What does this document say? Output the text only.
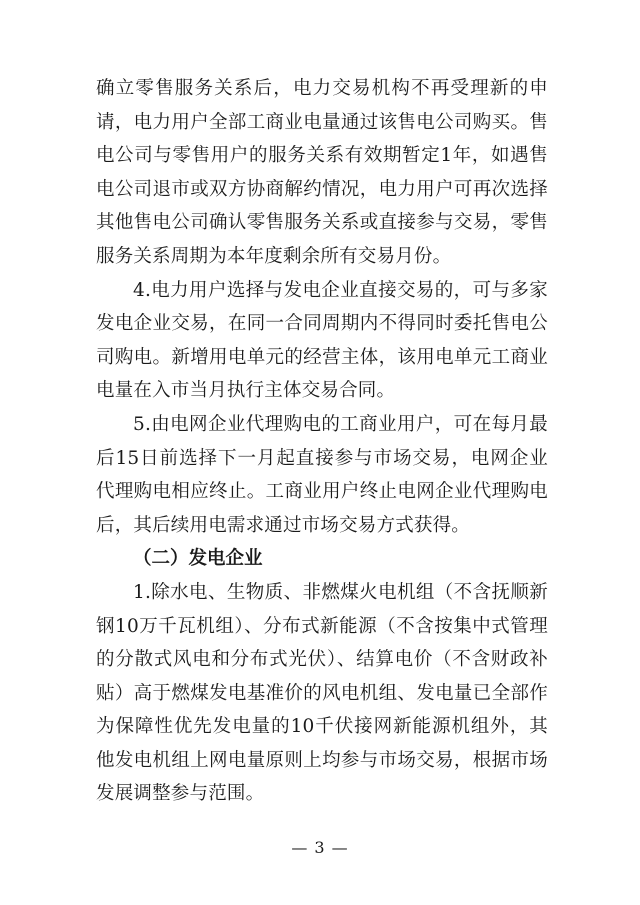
确立零售服务关系后，电力交易机构不再受理新的申请，电力用户全部工商业电量通过该售电公司购买。售电公司与零售用户的服务关系有效期暂定1年，如遇售电公司退市或双方协商解约情况，电力用户可再次选择其他售电公司确认零售服务关系或直接参与交易，零售服务关系周期为本年度剩余所有交易月份。

4.电力用户选择与发电企业直接交易的，可与多家发电企业交易，在同一合同周期内不得同时委托售电公司购电。新增用电单元的经营主体，该用电单元工商业电量在入市当月执行主体交易合同。

5.由电网企业代理购电的工商业用户，可在每月最后15日前选择下一月起直接参与市场交易，电网企业代理购电相应终止。工商业用户终止电网企业代理购电后，其后续用电需求通过市场交易方式获得。

（二）发电企业

1.除水电、生物质、非燃煤火电机组（不含抚顺新钢10万千瓦机组）、分布式新能源（不含按集中式管理的分散式风电和分布式光伏）、结算电价（不含财政补贴）高于燃煤发电基准价的风电机组、发电量已全部作为保障性优先发电量的10千伏接网新能源机组外，其他发电机组上网电量原则上均参与市场交易，根据市场发展调整参与范围。

— 3 —
